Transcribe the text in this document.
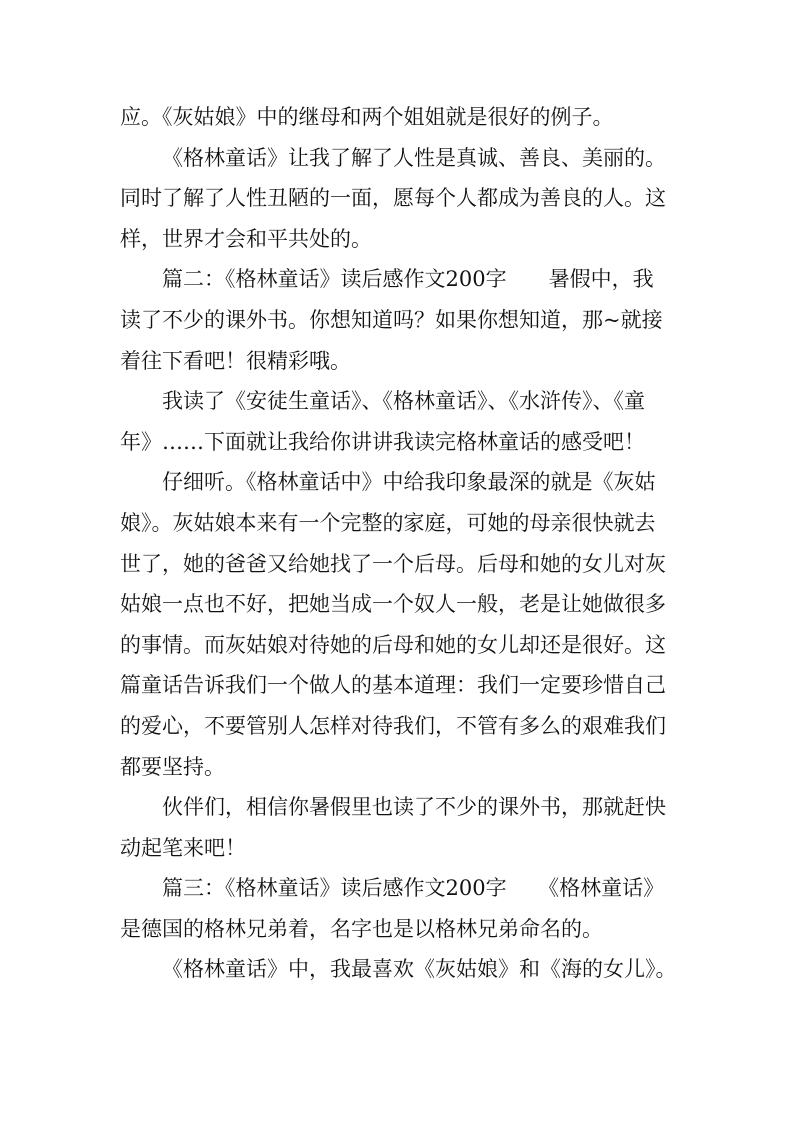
应。《灰姑娘》中的继母和两个姐姐就是很好的例子。
《格林童话》让我了解了人性是真诚、善良、美丽的。
同时了解了人性丑陋的一面，愿每个人都成为善良的人。这
样，世界才会和平共处的。
篇二：《格林童话》读后感作文200字　　暑假中，我
读了不少的课外书。你想知道吗？如果你想知道，那~就接
着往下看吧！很精彩哦。
我读了《安徒生童话》、《格林童话》、《水浒传》、《童
年》……下面就让我给你讲讲我读完格林童话的感受吧！
仔细听。《格林童话中》中给我印象最深的就是《灰姑
娘》。灰姑娘本来有一个完整的家庭，可她的母亲很快就去
世了，她的爸爸又给她找了一个后母。后母和她的女儿对灰
姑娘一点也不好，把她当成一个奴人一般，老是让她做很多
的事情。而灰姑娘对待她的后母和她的女儿却还是很好。这
篇童话告诉我们一个做人的基本道理：我们一定要珍惜自己
的爱心，不要管别人怎样对待我们，不管有多么的艰难我们
都要坚持。
伙伴们，相信你暑假里也读了不少的课外书，那就赶快
动起笔来吧！
篇三：《格林童话》读后感作文200字　　《格林童话》
是德国的格林兄弟着，名字也是以格林兄弟命名的。
《格林童话》中，我最喜欢《灰姑娘》和《海的女儿》。
